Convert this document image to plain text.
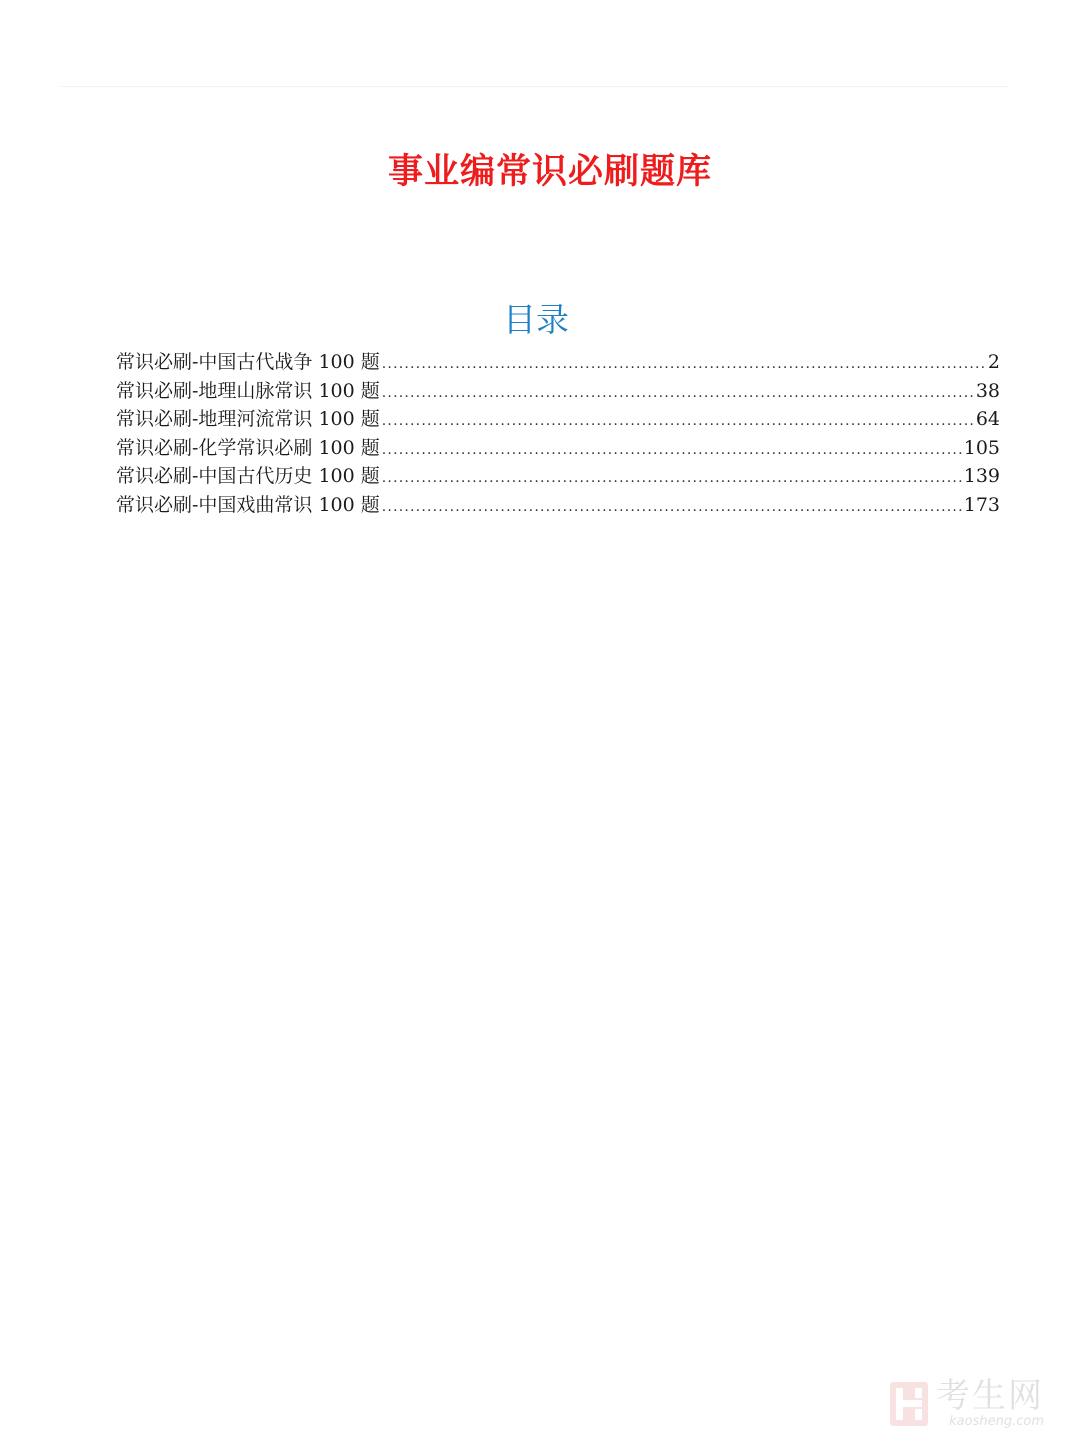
事业编常识必刷题库
目录
常识必刷-中国古代战争 100 题 .....	2
常识必刷-地理山脉常识 100 题 .....	38
常识必刷-地理河流常识 100 题 .....	64
常识必刷-化学常识必刷 100 题 .....	105
常识必刷-中国古代历史 100 题 .....	139
常识必刷-中国戏曲常识 100 题 .....	173
考生网
kaosheng.com
